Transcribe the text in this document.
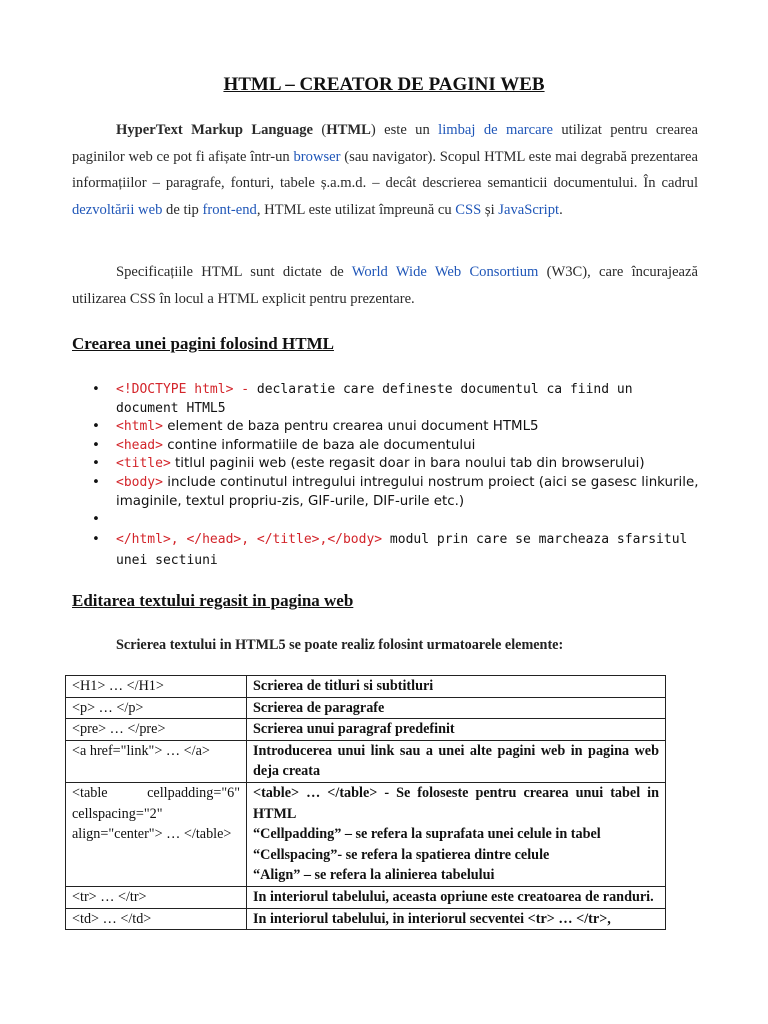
HTML – CREATOR DE PAGINI WEB
HyperText Markup Language (HTML) este un limbaj de marcare utilizat pentru crearea paginilor web ce pot fi afișate într-un browser (sau navigator). Scopul HTML este mai degrabă prezentarea informațiilor – paragrafe, fonturi, tabele ș.a.m.d. – decât descrierea semanticii documentului. În cadrul dezvoltării web de tip front-end, HTML este utilizat împreună cu CSS și JavaScript.
Specificațiile HTML sunt dictate de World Wide Web Consortium (W3C), care încurajează utilizarea CSS în locul a HTML explicit pentru prezentare.
Crearea unei pagini folosind HTML
• <!DOCTYPE html> - declaratie care defineste documentul ca fiind un document HTML5
• <html> element de baza pentru crearea unui document HTML5
• <head> contine informatiile de baza ale documentului
• <title> titlul paginii web (este regasit doar in bara noului tab din browserului)
• <body> include continutul intregului intregului nostrum proiect (aici se gasesc linkurile, imaginile, textul propriu-zis, GIF-urile, DIF-urile etc.)
•
• </html>, </head>, </title>,</body> modul prin care se marcheaza sfarsitul unei sectiuni
Editarea textului regasit in pagina web
Scrierea textului in HTML5 se poate realiz folosint urmatoarele elemente:
<H1> … </H1>	Scrierea de titluri si subtitluri
<p> … </p>	Scrierea de paragrafe
<pre> … </pre>	Scrierea unui paragraf predefinit
<a href="link"> … </a>	Introducerea unui link sau a unei alte pagini web in pagina web deja creata
<table cellpadding="6" cellspacing="2" align="center"> … </table>	<table> … </table> - Se foloseste pentru crearea unui tabel in HTML
“Cellpadding” – se refera la suprafata unei celule in tabel
“Cellspacing”- se refera la spatierea dintre celule
“Align” – se refera la alinierea tabelului
<tr> … </tr>	In interiorul tabelului, aceasta opriune este creatoarea de randuri.
<td> … </td>	In interiorul tabelului, in interiorul secventei <tr> … </tr>,
